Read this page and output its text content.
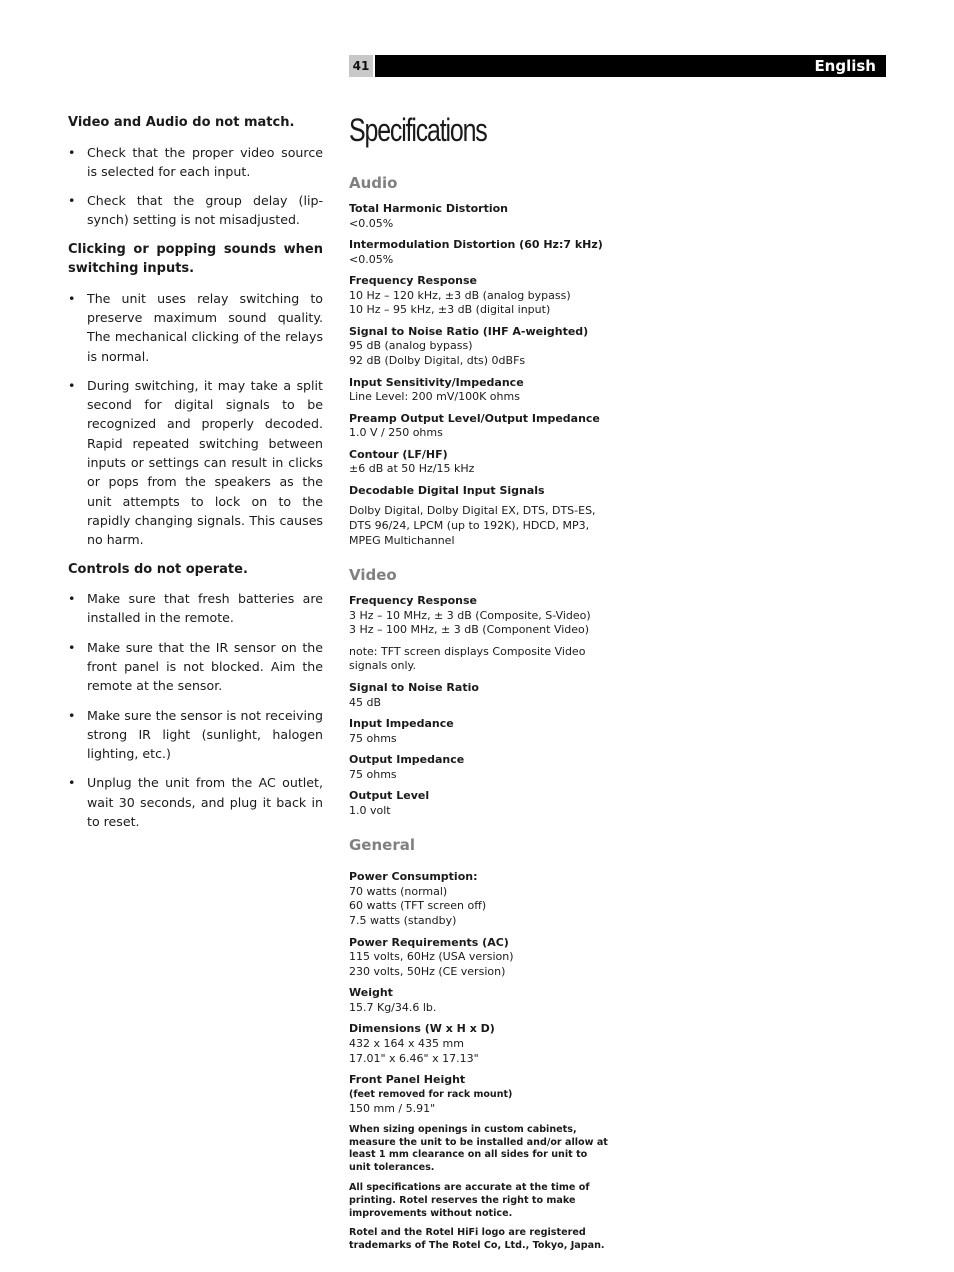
41	English
Video and Audio do not match.
• Check that the proper video source is selected for each input.
• Check that the group delay (lip-synch) setting is not misadjusted.
Clicking or popping sounds when switching inputs.
• The unit uses relay switching to preserve maximum sound quality. The mechanical clicking of the relays is normal.
• During switching, it may take a split second for digital signals to be recognized and properly decoded. Rapid repeated switching between inputs or settings can result in clicks or pops from the speakers as the unit attempts to lock on to the rapidly changing signals. This causes no harm.
Controls do not operate.
• Make sure that fresh batteries are installed in the remote.
• Make sure that the IR sensor on the front panel is not blocked. Aim the remote at the sensor.
• Make sure the sensor is not receiving strong IR light (sunlight, halogen lighting, etc.)
• Unplug the unit from the AC outlet, wait 30 seconds, and plug it back in to reset.
Specifications
Audio
Total Harmonic Distortion
<0.05%
Intermodulation Distortion (60 Hz:7 kHz)
<0.05%
Frequency Response
10 Hz – 120 kHz, ±3 dB (analog bypass)
10 Hz – 95 kHz, ±3 dB (digital input)
Signal to Noise Ratio (IHF A-weighted)
95 dB (analog bypass)
92 dB (Dolby Digital, dts) 0dBFs
Input Sensitivity/Impedance
Line Level: 200 mV/100K ohms
Preamp Output Level/Output Impedance
1.0 V / 250 ohms
Contour (LF/HF)
±6 dB at 50 Hz/15 kHz
Decodable Digital Input Signals
Dolby Digital, Dolby Digital EX, DTS, DTS-ES,
DTS 96/24, LPCM (up to 192K), HDCD, MP3,
MPEG Multichannel
Video
Frequency Response
3 Hz – 10 MHz, ± 3 dB (Composite, S-Video)
3 Hz – 100 MHz, ± 3 dB (Component Video)
note: TFT screen displays Composite Video signals only.
Signal to Noise Ratio
45 dB
Input Impedance
75 ohms
Output Impedance
75 ohms
Output Level
1.0 volt
General
Power Consumption:
70 watts (normal)
60 watts (TFT screen off)
7.5 watts (standby)
Power Requirements (AC)
115 volts, 60Hz (USA version)
230 volts, 50Hz (CE version)
Weight
15.7 Kg/34.6 lb.
Dimensions (W x H x D)
432 x 164 x 435 mm
17.01" x 6.46" x 17.13"
Front Panel Height
(feet removed for rack mount)
150 mm / 5.91"
When sizing openings in custom cabinets, measure the unit to be installed and/or allow at least 1 mm clearance on all sides for unit to unit tolerances.
All specifications are accurate at the time of printing. Rotel reserves the right to make improvements without notice.
Rotel and the Rotel HiFi logo are registered trademarks of The Rotel Co, Ltd., Tokyo, Japan.
